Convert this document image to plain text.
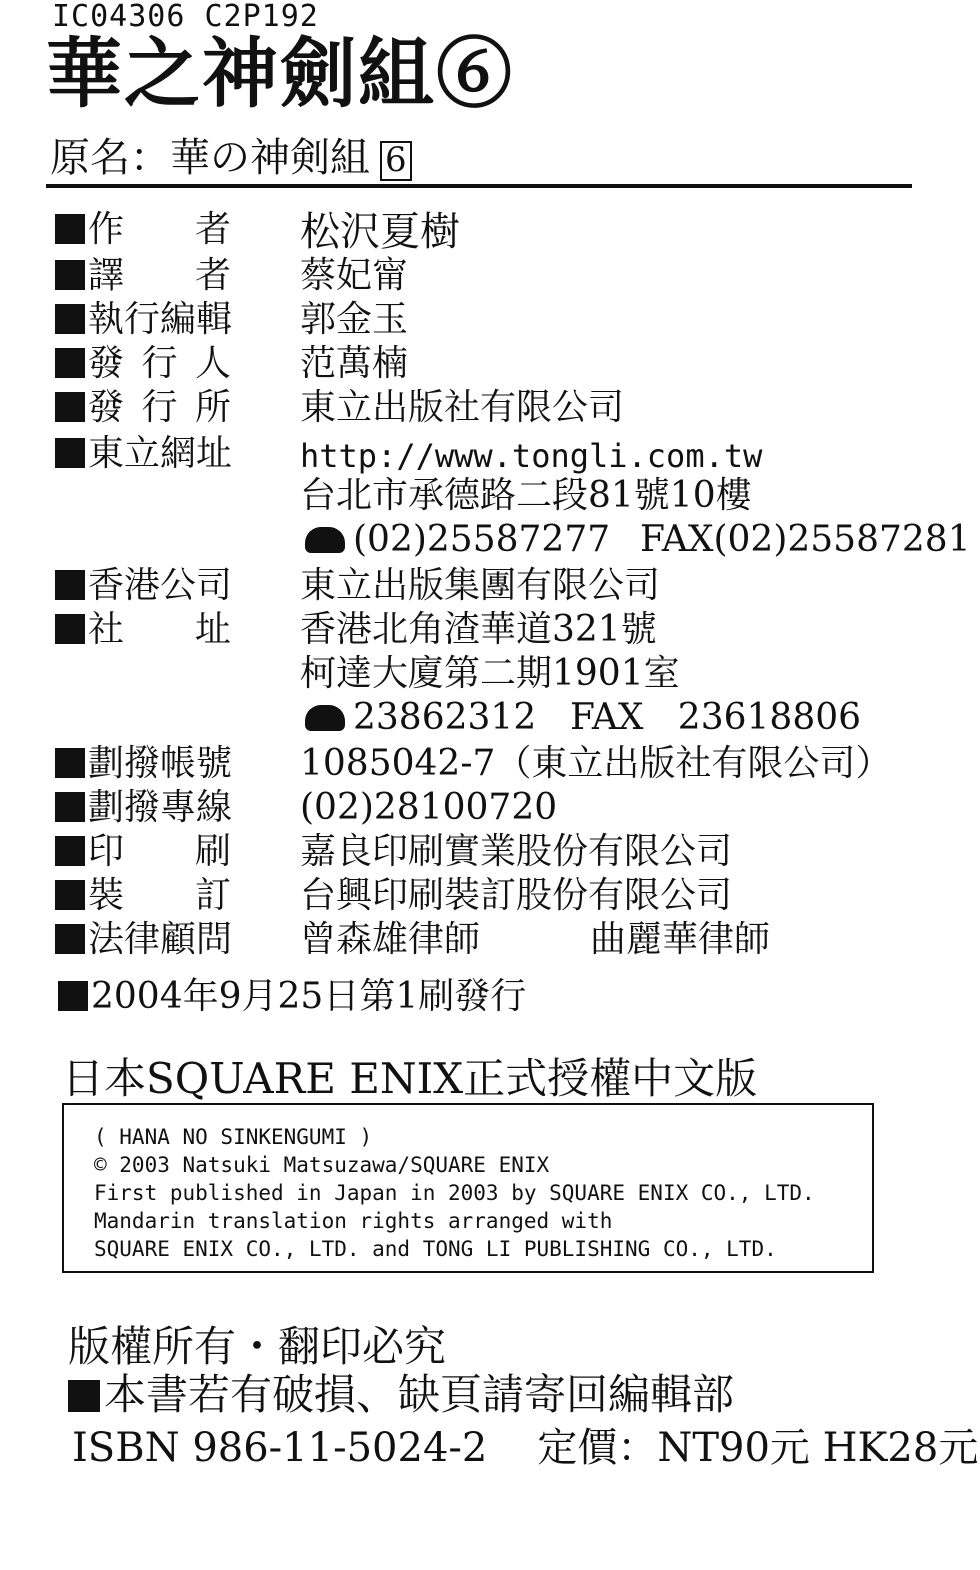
IC04306 C2P192
華之神劍組⑥
原名：華の神剣組 6
作者 松沢夏樹
譯者 蔡妃甯
執行編輯 郭金玉
發行人 范萬楠
發行所 東立出版社有限公司
東立網址 http://www.tongli.com.tw
台北市承德路二段81號10樓
(02)25587277 FAX(02)25587281
香港公司 東立出版集團有限公司
社址 香港北角渣華道321號
柯達大廈第二期1901室
23862312 FAX   23618806
劃撥帳號 1085042-7（東立出版社有限公司）
劃撥專線 (02)28100720
印刷 嘉良印刷實業股份有限公司
裝訂 台興印刷裝訂股份有限公司
法律顧問 曾森雄律師	曲麗華律師
2004年9月25日第1刷發行
日本SQUARE ENIX正式授權中文版
( HANA NO SINKENGUMI )
© 2003 Natsuki Matsuzawa/SQUARE ENIX
First published in Japan in 2003 by SQUARE ENIX CO., LTD.
Mandarin translation rights arranged with
SQUARE ENIX CO., LTD. and TONG LI PUBLISHING CO., LTD.
版權所有・翻印必究
本書若有破損、缺頁請寄回編輯部
ISBN 986-11-5024-2 定價：NT90元 HK28元
